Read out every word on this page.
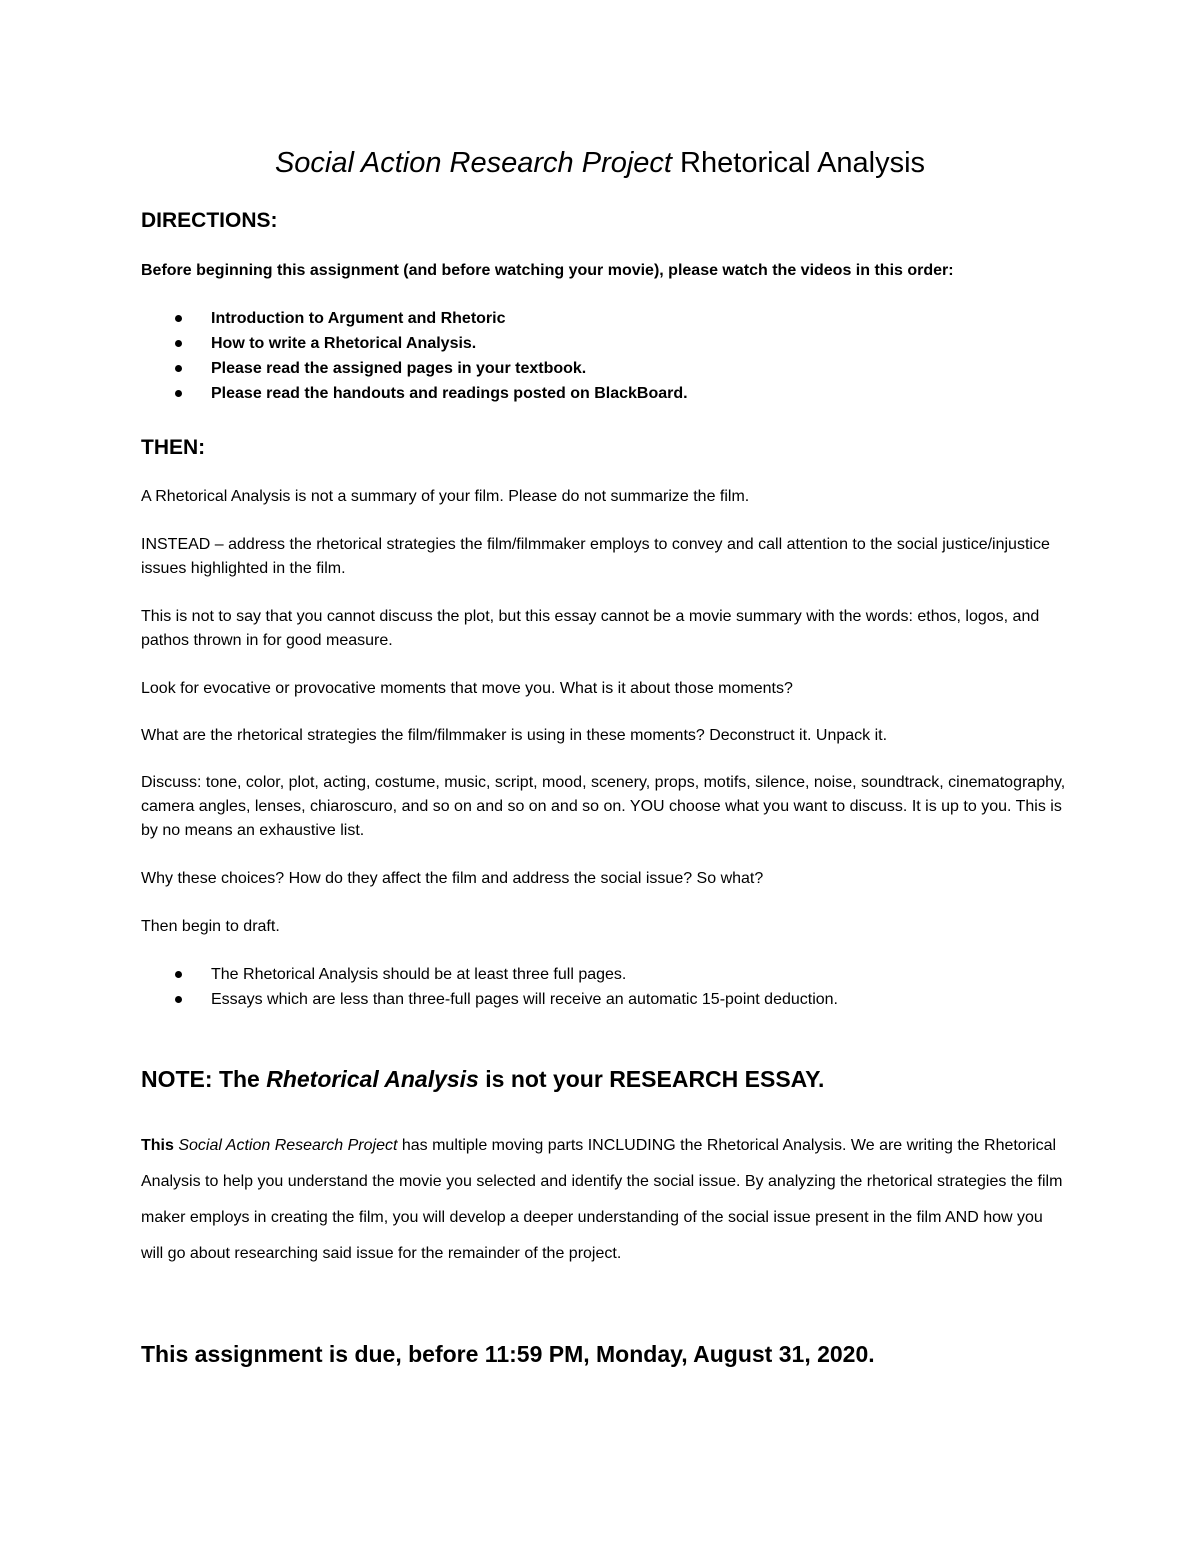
Social Action Research Project Rhetorical Analysis
DIRECTIONS:

Before beginning this assignment (and before watching your movie), please watch the videos in this order:

Introduction to Argument and Rhetoric
How to write a Rhetorical Analysis.
Please read the assigned pages in your textbook.
Please read the handouts and readings posted on BlackBoard.
THEN:

A Rhetorical Analysis is not a summary of your film. Please do not summarize the film.

INSTEAD – address the rhetorical strategies the film/filmmaker employs to convey and call attention to the social justice/injustice issues highlighted in the film.

This is not to say that you cannot discuss the plot, but this essay cannot be a movie summary with the words: ethos, logos, and pathos thrown in for good measure.

Look for evocative or provocative moments that move you. What is it about those moments?

What are the rhetorical strategies the film/filmmaker is using in these moments? Deconstruct it. Unpack it.

Discuss: tone, color, plot, acting, costume, music, script, mood, scenery, props, motifs, silence, noise, soundtrack, cinematography, camera angles, lenses, chiaroscuro, and so on and so on and so on. YOU choose what you want to discuss. It is up to you. This is by no means an exhaustive list.

Why these choices? How do they affect the film and address the social issue? So what?

Then begin to draft.

The Rhetorical Analysis should be at least three full pages.
Essays which are less than three-full pages will receive an automatic 15-point deduction.
NOTE: The Rhetorical Analysis is not your RESEARCH ESSAY.

This Social Action Research Project has multiple moving parts INCLUDING the Rhetorical Analysis. We are writing the Rhetorical Analysis to help you understand the movie you selected and identify the social issue. By analyzing the rhetorical strategies the film maker employs in creating the film, you will develop a deeper understanding of the social issue present in the film AND how you will go about researching said issue for the remainder of the project.

This assignment is due, before 11:59 PM, Monday, August 31, 2020.
